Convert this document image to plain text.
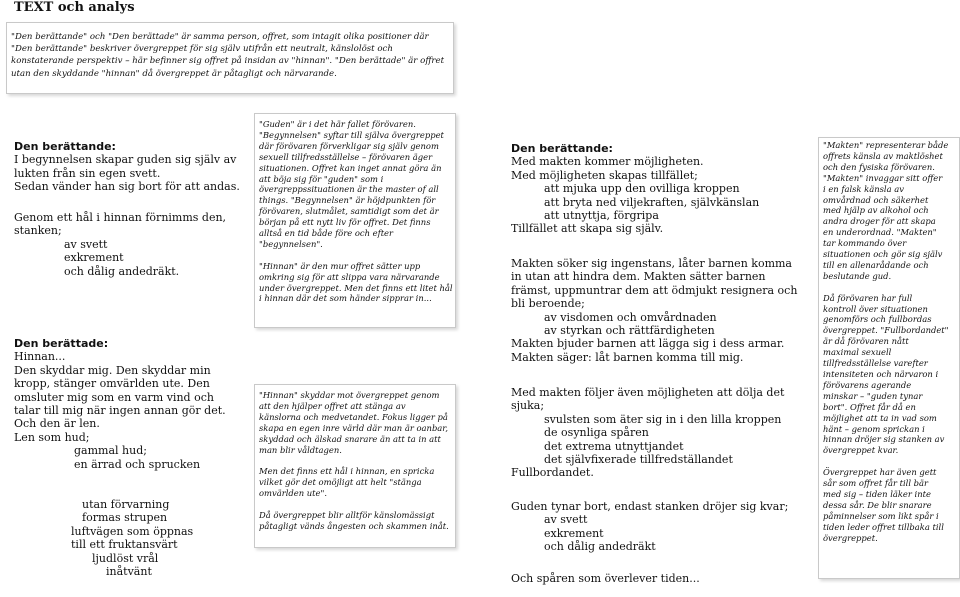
TEXT och analys

"Den berättande" och "Den berättade" är samma person, offret, som intagit olika positioner där
"Den berättande" beskriver övergreppet för sig själv utifrån ett neutralt, känslolöst och
konstaterande perspektiv – här befinner sig offret på insidan av "hinnan". "Den berättade" är offret
utan den skyddande "hinnan" då övergreppet är påtagligt och närvarande.

Den berättande:
I begynnelsen skapar guden sig själv av
lukten från sin egen svett.
Sedan vänder han sig bort för att andas.
Genom ett hål i hinnan förnimms den,
stanken;
av svett
exkrement
och dålig andedräkt.
Den berättade:
Hinnan...
Den skyddar mig. Den skyddar min
kropp, stänger omvärlden ute. Den
omsluter mig som en varm vind och
talar till mig när ingen annan gör det.
Och den är len.
Len som hud;
gammal hud;
en ärrad och sprucken
utan förvarning
formas strupen
luftvägen som öppnas
till ett fruktansvärt
ljudlöst vrål
inåtvänt
"Guden" är i det här fallet förövaren.
"Begynnelsen" syftar till själva övergreppet
där förövaren förverkligar sig själv genom
sexuell tillfredsställelse – förövaren äger
situationen. Offret kan inget annat göra än
att böja sig för "guden" som i
övergreppssituationen är the master of all
things. "Begynnelsen" är höjdpunkten för
förövaren, slutmålet, samtidigt som det är
början på ett nytt liv för offret. Det finns
alltså en tid både före och efter
"begynnelsen".
"Hinnan" är den mur offret sätter upp
omkring sig för att slippa vara närvarande
under övergreppet. Men det finns ett litet hål
i hinnan där det som händer sipprar in...
"Hinnan" skyddar mot övergreppet genom
att den hjälper offret att stänga av
känslorna och medvetandet. Fokus ligger på
skapa en egen inre värld där man är oanbar,
skyddad och älskad snarare än att ta in att
man blir våldtagen.
Men det finns ett hål i hinnan, en spricka
vilket gör det omöjligt att helt "stänga
omvärlden ute".
Då övergreppet blir alltför känslomässigt
påtagligt vänds ångesten och skammen inåt.
Den berättande:
Med makten kommer möjligheten.
Med möjligheten skapas tillfället;
att mjuka upp den ovilliga kroppen
att bryta ned viljekraften, självkänslan
att utnyttja, förgripa
Tillfället att skapa sig själv.
Makten söker sig ingenstans, låter barnen komma
in utan att hindra dem. Makten sätter barnen
främst, uppmuntrar dem att ödmjukt resignera och
bli beroende;
av visdomen och omvårdnaden
av styrkan och rättfärdigheten
Makten bjuder barnen att lägga sig i dess armar.
Makten säger: låt barnen komma till mig.
Med makten följer även möjligheten att dölja det
sjuka;
svulsten som äter sig in i den lilla kroppen
de osynliga spåren
det extrema utnyttjandet
det självfixerade tillfredställandet
Fullbordandet.
Guden tynar bort, endast stanken dröjer sig kvar;
av svett
exkrement
och dålig andedräkt
Och spåren som överlever tiden...
"Makten" representerar både
offrets känsla av maktlöshet
och den fysiska förövaren.
"Makten" invaggar sitt offer
i en falsk känsla av
omvårdnad och säkerhet
med hjälp av alkohol och
andra droger för att skapa
en underordnad. "Makten"
tar kommando över
situationen och gör sig själv
till en allenarådande och
beslutande gud.
Då förövaren har full
kontroll över situationen
genomförs och fullbordas
övergreppet. "Fullbordandet"
är då förövaren nått
maximal sexuell
tillfredsställelse varefter
intensiteten och närvaron i
förövarens agerande
minskar – "guden tynar
bort". Offret får då en
möjlighet att ta in vad som
hänt – genom sprickan i
hinnan dröjer sig stanken av
övergreppet kvar.
Övergreppet har även gett
sår som offret får till bär
med sig – tiden läker inte
dessa sår. De blir snarare
påminnelser som likt spår i
tiden leder offret tillbaka till
övergreppet.
